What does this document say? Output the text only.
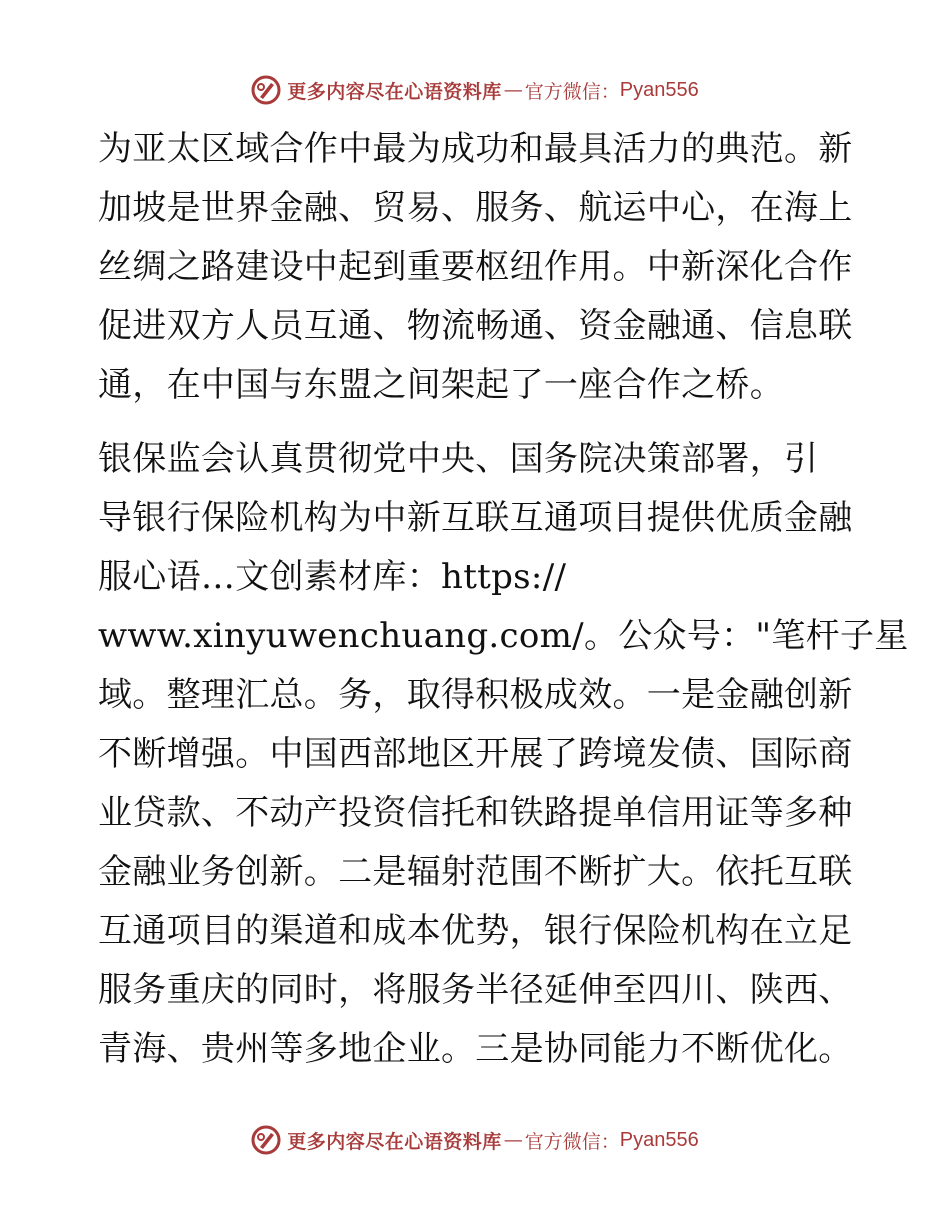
更多内容尽在心语资料库 — 官方微信： Pyan556
为亚太区域合作中最为成功和最具活力的典范。新
加坡是世界金融、贸易、服务、航运中心，在海上
丝绸之路建设中起到重要枢纽作用。中新深化合作
促进双方人员互通、物流畅通、资金融通、信息联
通，在中国与东盟之间架起了一座合作之桥。
银保监会认真贯彻党中央、国务院决策部署，引
导银行保险机构为中新互联互通项目提供优质金融
服心语…文创素材库：https://
www.xinyuwenchuang.com/。公众号："笔杆子星
域。整理汇总。务，取得积极成效。一是金融创新
不断增强。中国西部地区开展了跨境发债、国际商
业贷款、不动产投资信托和铁路提单信用证等多种
金融业务创新。二是辐射范围不断扩大。依托互联
互通项目的渠道和成本优势，银行保险机构在立足
服务重庆的同时，将服务半径延伸至四川、陕西、
青海、贵州等多地企业。三是协同能力不断优化。
更多内容尽在心语资料库 — 官方微信： Pyan556
